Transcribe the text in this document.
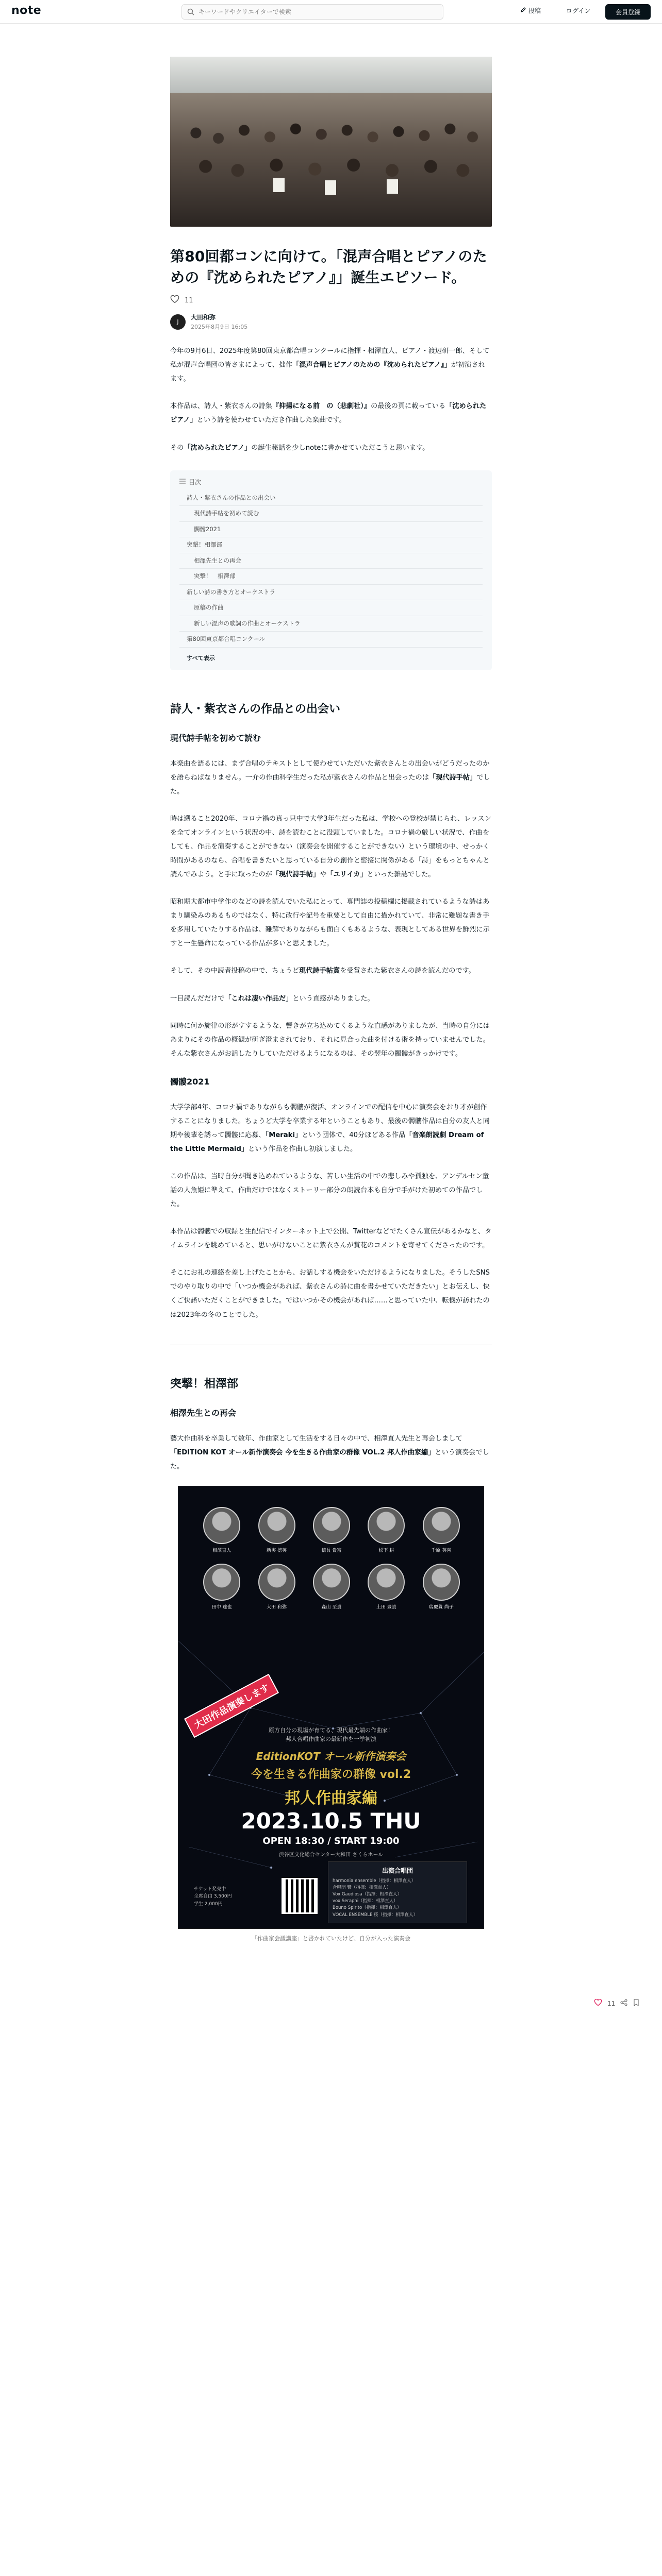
note
キーワードやクリエイターで検索	投稿	ログイン	会員登録
第80回都コンに向けて。「混声合唱とピアノのための『沈められたピアノ』」誕生エピソード。
11
J
大田和弥
2025年8月9日 16:05

今年の9月6日、2025年度第80回東京都合唱コンクールに指揮・相澤直人、ピアノ・渡辺研一郎、そして私が混声合唱団の皆さまによって、拙作「混声合唱とピアノのための『沈められたピアノ』」が初演されます。

本作品は、詩人・紫衣さんの詩集『抑揚になる前　の（悲劇社）』の最後の頁に載っている「沈められたピアノ」という詩を使わせていただき作曲した楽曲です。

その「沈められたピアノ」の誕生秘話を少しnoteに書かせていただこうと思います。

目次
詩人・紫衣さんの作品との出会い
現代詩手帖を初めて読む
髑髏2021
突撃！相澤部
相澤先生との再会
突撃！　相澤部
新しい詩の書き方とオーケストラ
原稿の作曲
新しい混声の歌詞の作曲とオーケストラ
第80回東京都合唱コンクール
すべて表示
詩人・紫衣さんの作品との出会い
現代詩手帖を初めて読む

本楽曲を語るには、まず合唱のテキストとして使わせていただいた紫衣さんとの出会いがどうだったのかを語らねばなりません。一介の作曲科学生だった私が紫衣さんの作品と出会ったのは「現代詩手帖」でした。

時は遡ること2020年、コロナ禍の真っ只中で大学3年生だった私は、学校への登校が禁じられ、レッスンを全てオンラインという状況の中、詩を読むことに没頭していました。コロナ禍の厳しい状況で、作曲をしても、作品を演奏することができない（演奏会を開催することができない）という環境の中、せっかく時間があるのなら、合唱を書きたいと思っている自分の創作と密接に関係がある「詩」をもっとちゃんと読んでみよう。と手に取ったのが「現代詩手帖」や「ユリイカ」といった雑誌でした。

昭和期大都市中学作のなどの詩を読んでいた私にとって、専門誌の投稿欄に掲載されているような詩はあまり馴染みのあるものではなく、特に改行や記号を重要として自由に描かれていて、非常に難題な書き手を多用していたりする作品は、難解でありながらも面白くもあるような、表現としてある世界を鮮烈に示すと一生懸命になっている作品が多いと思えました。

そして、その中読者投稿の中で、ちょうど現代詩手帖賞を受賞された紫衣さんの詩を読んだのです。

一目読んだだけで「これは凄い作品だ」という直感がありました。

同時に何か旋律の形がすするような、響きが立ち込めてくるような直感がありましたが、当時の自分にはあまりにその作品の概観が研ぎ澄まされており、それに見合った曲を付ける術を持っていませんでした。そんな紫衣さんがお話したりしていただけるようになるのは、その翌年の髑髏がきっかけです。

髑髏2021

大学学部4年、コロナ禍でありながらも髑髏が復活、オンラインでの配信を中心に演奏会をおり才が創作することになりました。ちょうど大学を卒業する年ということもあり、最後の髑髏作品は自分の友人と同期や後輩を誘って髑髏に応募、「Meraki」という団体で、40分ほどある作品「音楽朗読劇 Dream of the Little Mermaid」という作品を作曲し初演しました。

この作品は、当時自分が聞き込めれているような、苦しい生活の中での悲しみや孤独を、アンデルセン童話の人魚姫に準えて、作曲だけではなくストーリー部分の朗読台本も自分で手がけた初めての作品でした。

本作品は髑髏での収録と生配信でインターネット上で公開、Twitterなどでたくさん宣伝があるかなと、タイムラインを眺めていると、思いがけないことに紫衣さんが賞花のコメントを寄せてくださったのです。

そこにお礼の連絡を差し上げたことから、お話しする機会をいただけるようになりました。そうしたSNSでのやり取りの中で「いつか機会があれば、紫衣さんの詩に曲を書かせていただきたい」とお伝えし、快くご快諾いただくことができました。ではいつかその機会があれば……と思っていた中、転機が訪れたのは2023年の冬のことでした。

突撃！相澤部
相澤先生との再会

藝大作曲科を卒業して数年、作曲家として生活をする日々の中で、相澤直人先生と再会しまして「EDITION KOT オール新作演奏会 今を生きる作曲家の群像 VOL.2 邦人作曲家編」という演奏会でした。

相澤直人	新実 徳英	信長 貴富	松下 耕	千原 英喜
田中 達也	大田 和弥	森山 至貴	土田 豊貴	瑞慶覧 尚子
大田作品演奏します
原方自分の現場が育てる、現代最先端の作曲家！
邦人合唱作曲家の最新作を一挙初演
EditionKOT オール新作演奏会
今を生きる作曲家の群像 vol.2
邦人作曲家編
2023.10.5 THU
OPEN 18:30 / START 19:00
渋谷区文化総合センター大和田 さくらホール
チケット発売中
全席自由 3,500円
学生 2,000円
出演合唱団
harmonia ensemble（指揮：相澤直人）
合唱団 響（指揮：相澤直人）
Vox Gaudiosa（指揮：相澤直人）
vox Seraphi（指揮：相澤直人）
Bouno Spirito（指揮：相澤直人）
VOCAL ENSEMBLE 桜（指揮：相澤直人）
「作曲家会議講座」と書かれていたけど、自分が入った演奏会
11
